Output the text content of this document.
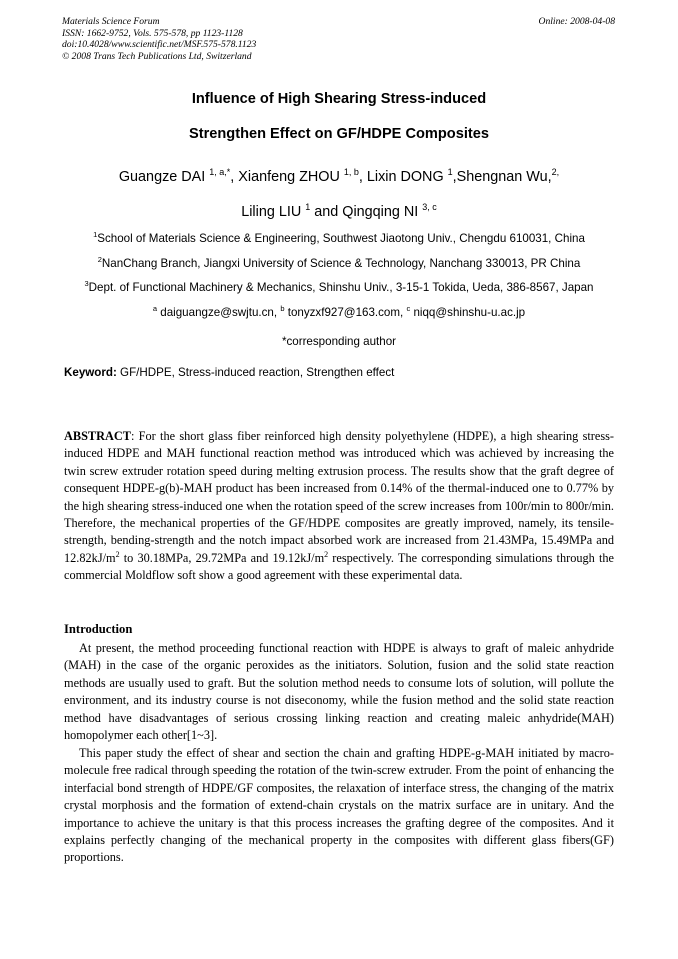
Materials Science Forum
ISSN: 1662-9752, Vols. 575-578, pp 1123-1128
doi:10.4028/www.scientific.net/MSF.575-578.1123
© 2008 Trans Tech Publications Ltd, Switzerland
Online: 2008-04-08
Influence of High Shearing Stress-induced
Strengthen Effect on GF/HDPE Composites
Guangze DAI $^{1, a,*}$, Xianfeng ZHOU $^{1, b}$, Lixin DONG $^1$,Shengnan Wu,$^{2,}$
Liling LIU $^1$ and Qingqing NI $^{3, c}$
$^1$School of Materials Science & Engineering, Southwest Jiaotong Univ., Chengdu 610031, China
$^2$NanChang Branch, Jiangxi University of Science & Technology, Nanchang 330013, PR China
$^3$Dept. of Functional Machinery & Mechanics, Shinshu Univ., 3-15-1 Tokida, Ueda, 386-8567, Japan
$^a$ daiguangze@swjtu.cn, $^b$ tonyzxf927@163.com, $^c$ niqq@shinshu-u.ac.jp
*corresponding author
Keyword: GF/HDPE, Stress-induced reaction, Strengthen effect

ABSTRACT: For the short glass fiber reinforced high density polyethylene (HDPE), a high shearing stress-induced HDPE and MAH functional reaction method was introduced which was achieved by increasing the twin screw extruder rotation speed during melting extrusion process. The results show that the graft degree of consequent HDPE-g(b)-MAH product has been increased from 0.14% of the thermal-induced one to 0.77% by the high shearing stress-induced one when the rotation speed of the screw increases from 100r/min to 800r/min. Therefore, the mechanical properties of the GF/HDPE composites are greatly improved, namely, its tensile-strength, bending-strength and the notch impact absorbed work are increased from 21.43MPa, 15.49MPa and $12.82kJ/m^2$ to 30.18MPa, 29.72MPa and $19.12kJ/m^2$ respectively. The corresponding simulations through the commercial Moldflow soft show a good agreement with these experimental data.

Introduction

At present, the method proceeding functional reaction with HDPE is always to graft of maleic anhydride (MAH) in the case of the organic peroxides as the initiators. Solution, fusion and the solid state reaction methods are usually used to graft. But the solution method needs to consume lots of solution, will pollute the environment, and its industry course is not diseconomy, while the fusion method and the solid state reaction method have disadvantages of serious crossing linking reaction and creating maleic anhydride(MAH) homopolymer each other[1~3].

This paper study the effect of shear and section the chain and grafting HDPE-g-MAH initiated by macro-molecule free radical through speeding the rotation of the twin-screw extruder. From the point of enhancing the interfacial bond strength of HDPE/GF composites, the relaxation of interface stress, the changing of the matrix crystal morphosis and the formation of extend-chain crystals on the matrix surface are in unitary. And the importance to achieve the unitary is that this process increases the grafting degree of the composites. And it explains perfectly changing of the mechanical property in the composites with different glass fibers(GF) proportions.
